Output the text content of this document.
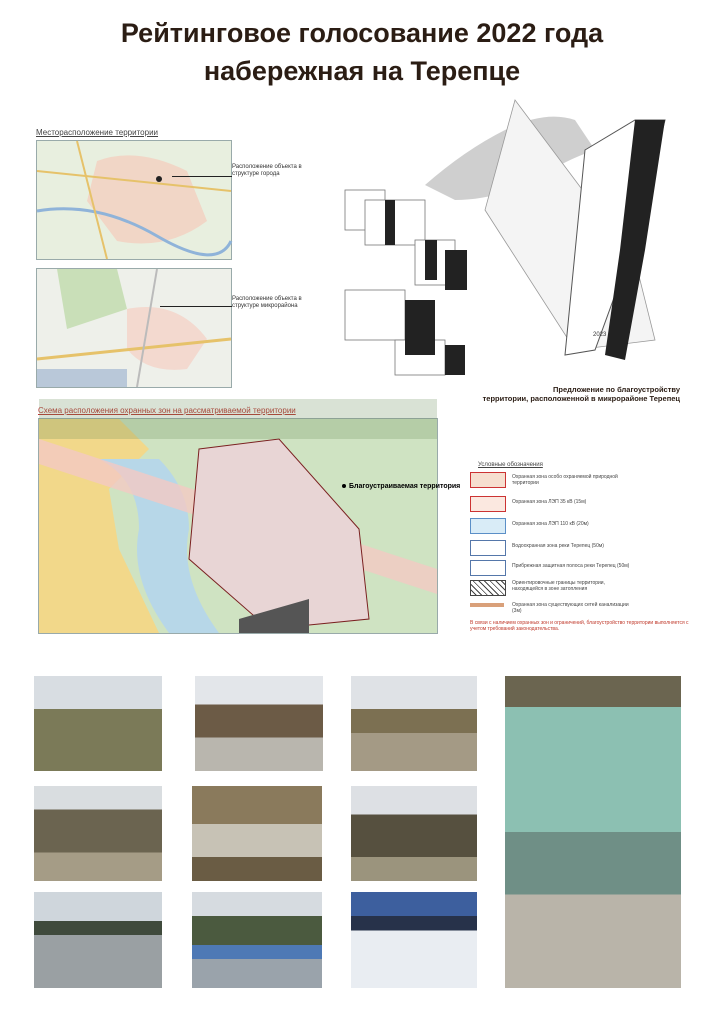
Рейтинговое голосование 2022 года
набережная на Терепце
Месторасположение территории
Расположение объекта в структуре города
Расположение объекта в структуре микрорайона
2023
Предложение по благоустройству
территории, расположенной в микрорайоне Терепец
Схема расположения охранных зон на рассматриваемой территории
Благоустраиваемая территория
Условные обозначения
Охранная зона особо охраняемой природной территории
Охранная зона ЛЭП 35 кВ (15м)
Охранная зона ЛЭП 110 кВ (20м)
Водоохранная зона реки Терепец (50м)
Прибрежная защитная полоса реки Терепец (50м)
Ориентировочные границы территории, находящейся в зоне затопления
Охранная зона существующих сетей канализации (3м)
В связи с наличием охранных зон и ограничений, благоустройство территории выполняется с учетом требований законодательства.
